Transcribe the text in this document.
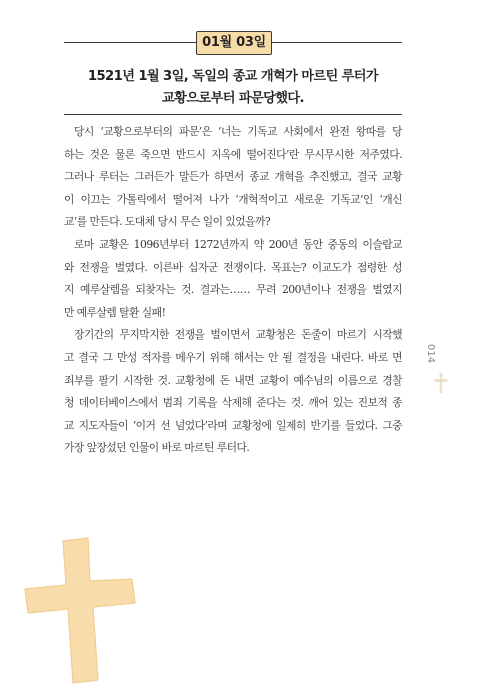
01월 03일
1521년 1월 3일, 독일의 종교 개혁가 마르틴 루터가
교황으로부터 파문당했다.
당시 ‘교황으로부터의 파문’은 ‘너는 기독교 사회에서 완전 왕따를 당
하는 것은 물론 죽으면 반드시 지옥에 떨어진다’란 무시무시한 저주였다.
그러나 루터는 그러든가 말든가 하면서 종교 개혁을 추진했고, 결국 교황
이 이끄는 가톨릭에서 떨어져 나가 ‘개혁적이고 새로운 기독교’인 ‘개신
교’를 만든다. 도대체 당시 무슨 일이 있었을까?
로마 교황은 1096년부터 1272년까지 약 200년 동안 중동의 이슬람교
와 전쟁을 벌였다. 이른바 십자군 전쟁이다. 목표는? 이교도가 점령한 성
지 예루살렘을 되찾자는 것. 결과는…… 무려 200년이나 전쟁을 벌였지
만 예루살렘 탈환 실패!
장기간의 무지막지한 전쟁을 벌이면서 교황청은 돈줄이 마르기 시작했
고 결국 그 만성 적자를 메우기 위해 해서는 안 될 결정을 내린다. 바로 면
죄부를 팔기 시작한 것. 교황청에 돈 내면 교황이 예수님의 이름으로 경찰
청 데이터베이스에서 범죄 기록을 삭제해 준다는 것. 깨어 있는 진보적 종
교 지도자들이 ‘이거 선 넘었다’라며 교황청에 일제히 반기를 들었다. 그중
가장 앞장섰던 인물이 바로 마르틴 루터다.
014
